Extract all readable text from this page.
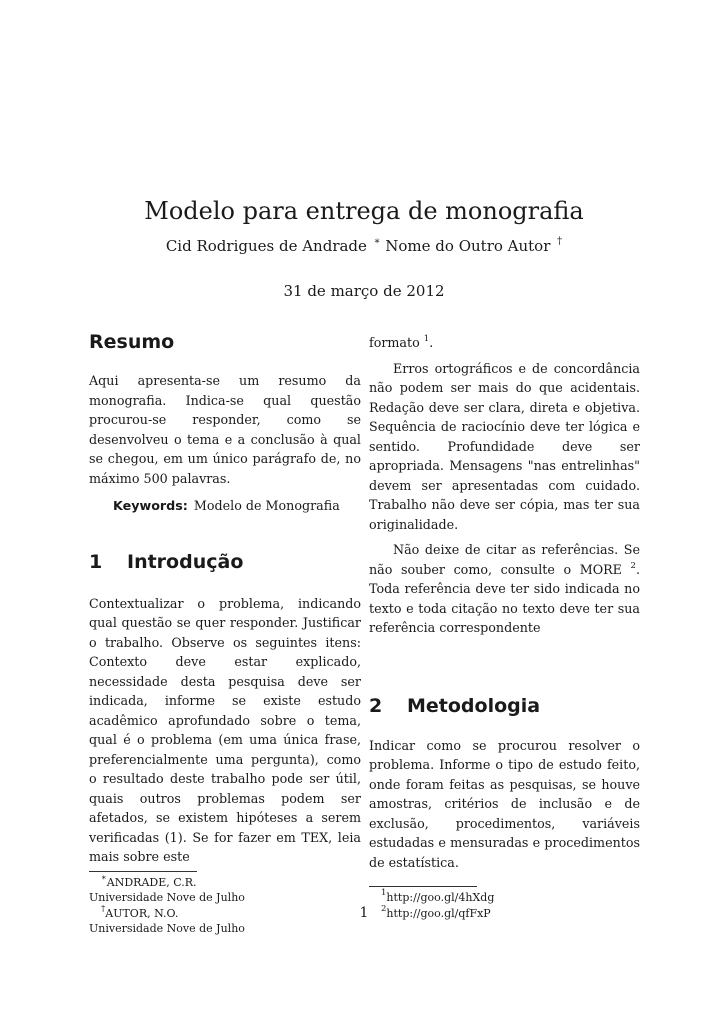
Modelo para entrega de monografia
Cid Rodrigues de Andrade ∗ Nome do Outro Autor †
31 de março de 2012
Resumo

Aqui apresenta-se um resumo da monografia. Indica-se qual questão procurou-se responder, como se desenvolveu o tema e a conclusão à qual se chegou, em um único parágrafo de, no máximo 500 palavras.

Keywords: Modelo de Monografia

1 Introdução

Contextualizar o problema, indicando qual questão se quer responder. Justificar o trabalho. Observe os seguintes itens: Contexto deve estar explicado, necessidade desta pesquisa deve ser indicada, informe se existe estudo acadêmico aprofundado sobre o tema, qual é o problema (em uma única frase, preferencialmente uma pergunta), como o resultado deste trabalho pode ser útil, quais outros problemas podem ser afetados, se existem hipóteses a serem verificadas (1). Se for fazer em TEX, leia mais sobre este

∗ANDRADE, C.R.
Universidade Nove de Julho
†AUTOR, N.O.
Universidade Nove de Julho

formato $^1$.

Erros ortográficos e de concordância não podem ser mais do que acidentais. Redação deve ser clara, direta e objetiva. Sequência de raciocínio deve ter lógica e sentido. Profundidade deve ser apropriada. Mensagens "nas entrelinhas" devem ser apresentadas com cuidado. Trabalho não deve ser cópia, mas ter sua originalidade.

Não deixe de citar as referências. Se não souber como, consulte o MORE $^2$. Toda referência deve ter sido indicada no texto e toda citação no texto deve ter sua referência correspondente

2 Metodologia

Indicar como se procurou resolver o problema. Informe o tipo de estudo feito, onde foram feitas as pesquisas, se houve amostras, critérios de inclusão e de exclusão, procedimentos, variáveis estudadas e mensuradas e procedimentos de estatística.

$^1$http://goo.gl/4hXdg
$^2$http://goo.gl/qfFxP
1
